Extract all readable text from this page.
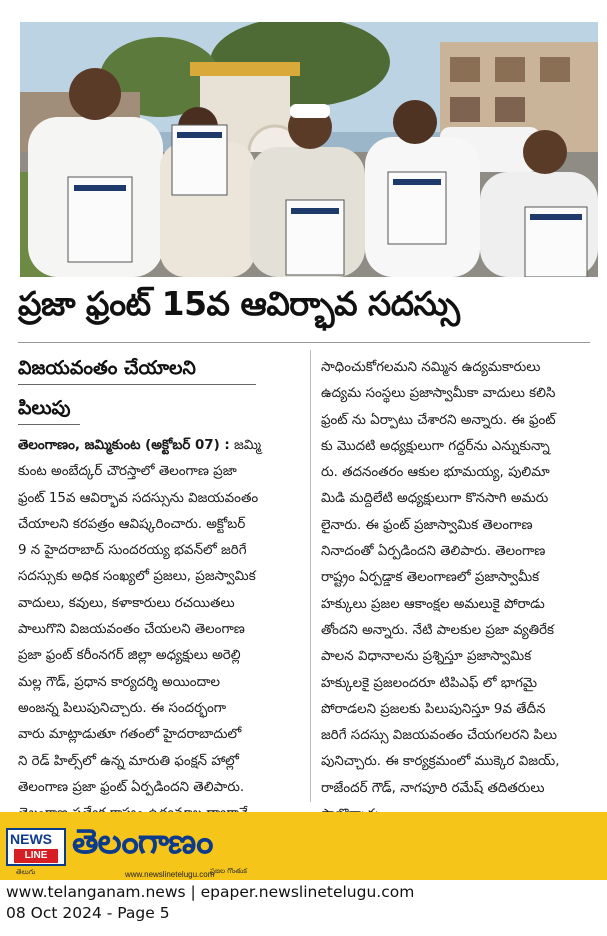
ప్రజా ఫ్రంట్ 15వ ఆవిర్భావ సదస్సు
విజయవంతం చేయాలని
పిలుపు
తెలంగాణం, జమ్మికుంట (అక్టోబర్ 07) : జమ్మి
కుంట అంబేద్కర్ చౌరస్తాలో తెలంగాణ ప్రజా
ఫ్రంట్ 15వ ఆవిర్భావ సదస్సును విజయవంతం
చేయాలని కరపత్రం ఆవిష్కరించారు. అక్టోబర్
9 న హైదరాబాద్ సుందరయ్య భవన్‌లో జరిగే
సదస్సుకు అధిక సంఖ్యలో ప్రజలు, ప్రజస్వామిక
వాదులు, కవులు, కళాకారులు రచయితలు
పాలుగొని విజయవంతం చేయలని తెలంగాణ
ప్రజా ఫ్రంట్ కరీంనగర్ జిల్లా అధ్యక్షులు అరెల్లి
మల్ల గౌడ్, ప్రధాన కార్యదర్శి అయిందాల
అంజన్న పిలుపునిచ్చారు. ఈ సందర్భంగా
వారు మాట్లాడుతూ గతంలో హైదరాబాదులో
ని రెడ్ హిల్స్‌లో ఉన్న మారుతి ఫంక్షన్ హాల్లో
తెలంగాణ ప్రజా ఫ్రంట్ ఏర్పడిందని తెలిపారు.
సాధించుకోగలమని నమ్మిన ఉద్యమకారులు
ఉద్యమ సంస్థలు ప్రజాస్వామీకా వాదులు కలిసి
ఫ్రంట్ ను ఏర్పాటు చేశారని అన్నారు. ఈ ఫ్రంట్
కు మొదటి అధ్యక్షులుగా గద్దర్‌ను ఎన్నుకున్నా
రు. తదనంతరం ఆకుల భూమయ్య, పులిమా
మిడి మద్దిలేటి అధ్యక్షులుగా కొనసాగి అమరు
లైనారు. ఈ ఫ్రంట్ ప్రజాస్వామిక తెలంగాణ
నినాదంతో ఏర్పడిందని తెలిపారు. తెలంగాణ
రాష్ట్రం ఏర్పడ్డాక తెలంగాణలో ప్రజాస్వామీక
హక్కులు ప్రజల ఆకాంక్షల అమలుకై పోరాడు
తోందని అన్నారు. నేటి పాలకుల ప్రజా వ్యతిరేక
పాలన విధానాలను ప్రశ్నిస్తూ ప్రజాస్వామిక
హక్కులకై ప్రజలందరూ టిపిఎఫ్ లో భాగమై
పోరాడలని ప్రజలకు పిలుపునిస్తూ 9వ తేదీన
జరిగే సదస్సు విజయవంతం చేయగలరని పిలు
పునిచ్చారు. ఈ కార్యక్రమంలో ముక్కెర విజయ్,
రాజేందర్ గౌడ్, నాగపూరి రమేష్ తదితరులు
NEWS
LINE
తెలుగు
తెలంగాణం
ప్రజల గొంతుక
www.newslinetelugu.com
www.telanganam.news | epaper.newslinetelugu.com
08 Oct 2024 - Page 5
